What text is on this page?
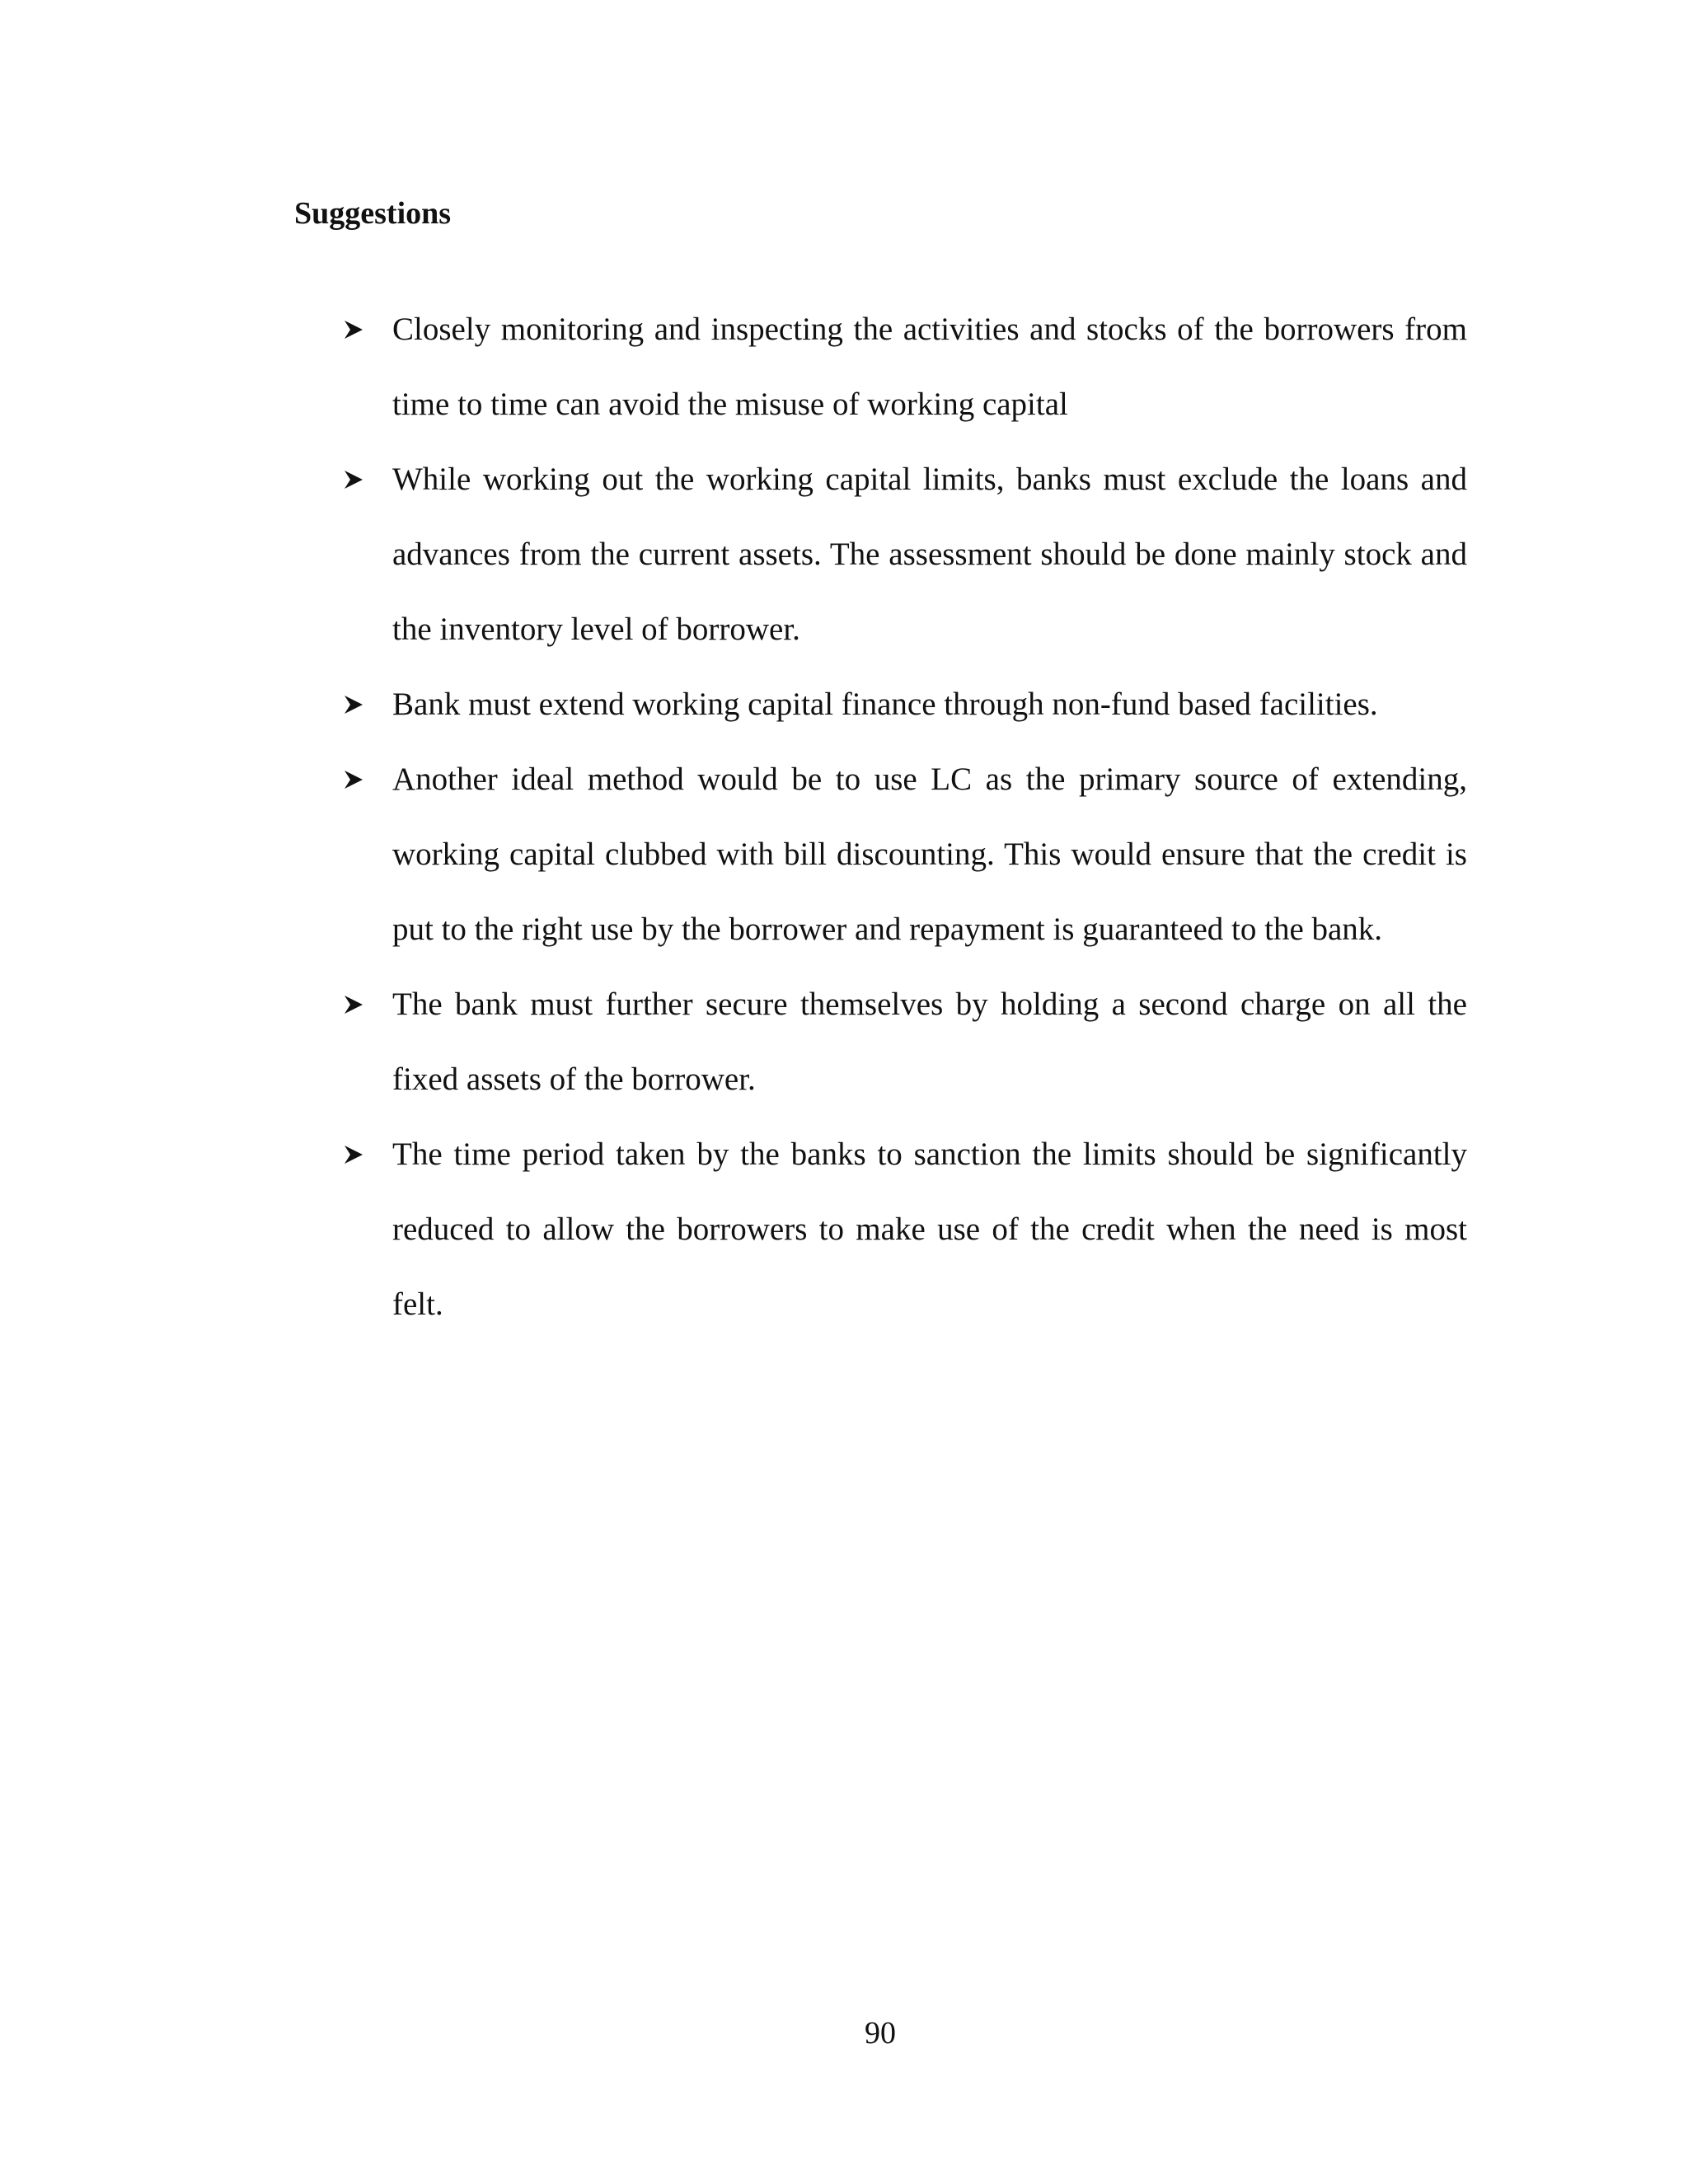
Suggestions
Closely monitoring and inspecting the activities and stocks of the borrowers from time to time can avoid the misuse of working capital
While working out the working capital limits, banks must exclude the loans and advances from the current assets. The assessment should be done mainly stock and the inventory level of borrower.
Bank must extend working capital finance through non-fund based facilities.
Another ideal method would be to use LC as the primary source of extending, working capital clubbed with bill discounting. This would ensure that the credit is put to the right use by the borrower and repayment is guaranteed to the bank.
The bank must further secure themselves by holding a second charge on all the fixed assets of the borrower.
The time period taken by the banks to sanction the limits should be significantly reduced to allow the borrowers to make use of the credit when the need is most felt.
90
